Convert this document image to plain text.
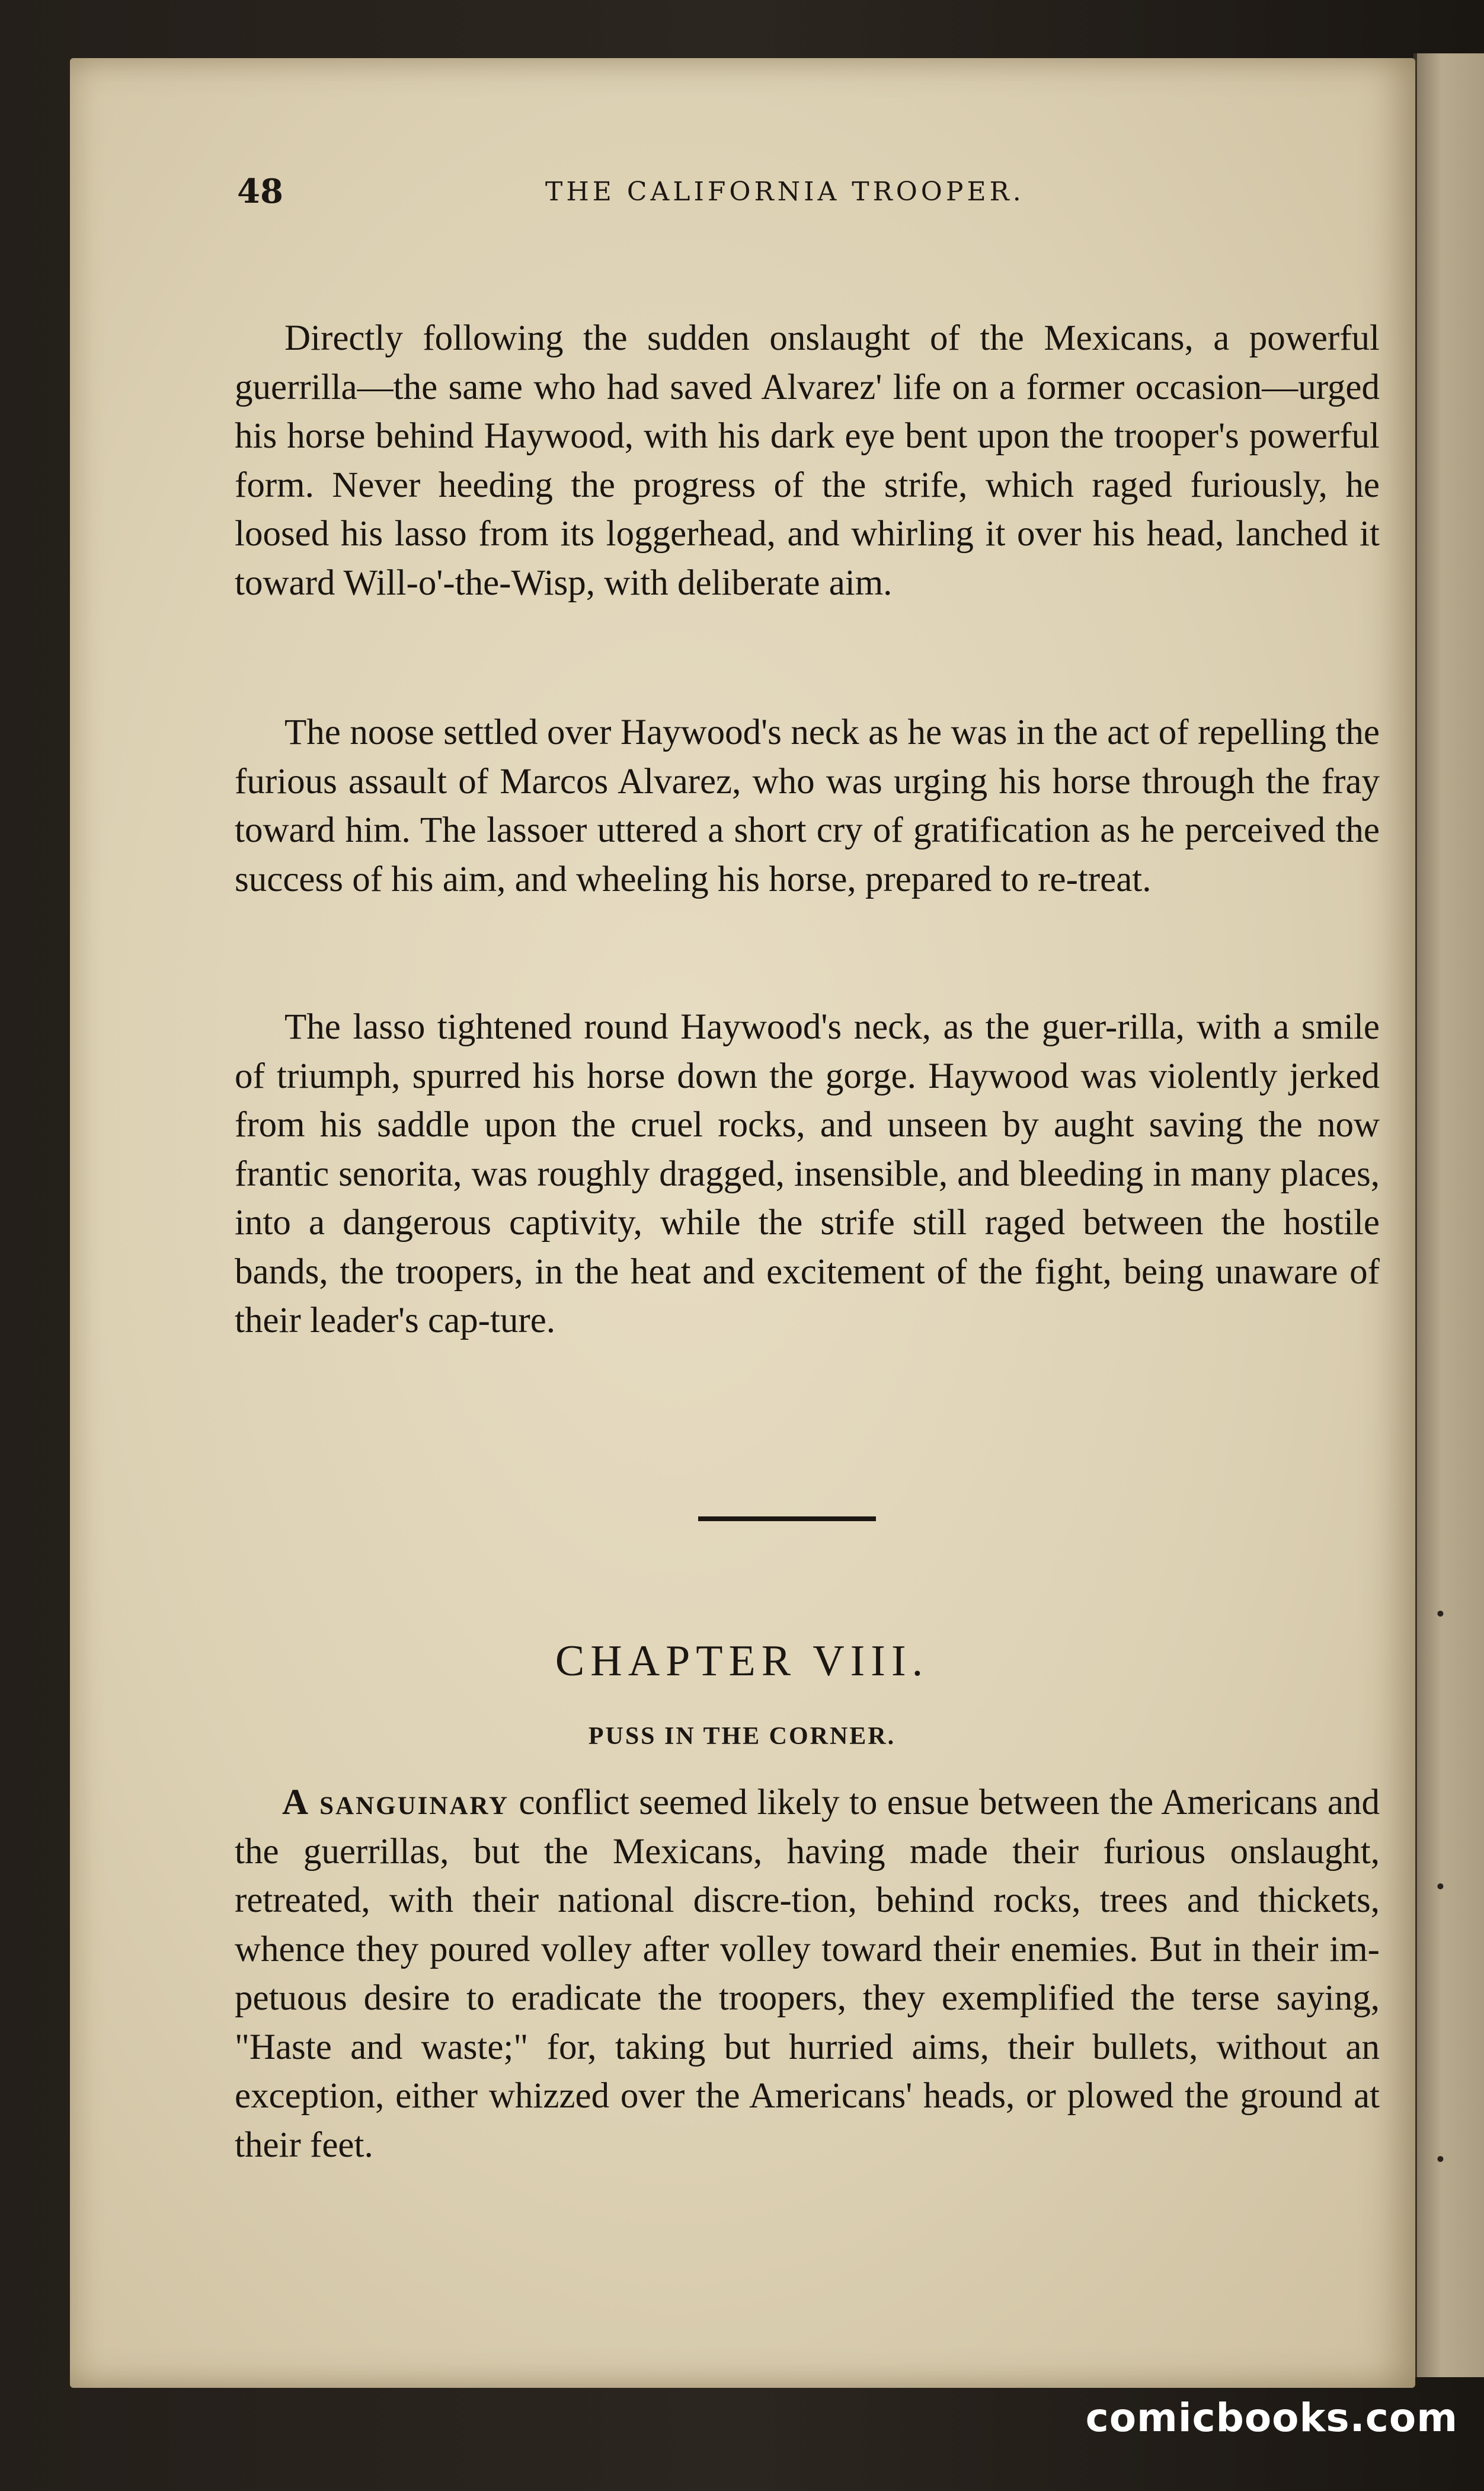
·
·
·
48	THE CALIFORNIA TROOPER.

Directly following the sudden onslaught of the Mexicans, a powerful guerrilla—the same who had saved Alvarez' life on a former occasion—urged his horse behind Haywood, with his dark eye bent upon the trooper's powerful form. Never heeding the progress of the strife, which raged furiously, he loosed his lasso from its loggerhead, and whirling it over his head, lanched it toward Will-o'-the-Wisp, with deliberate aim.

The noose settled over Haywood's neck as he was in the act of repelling the furious assault of Marcos Alvarez, who was urging his horse through the fray toward him. The lassoer uttered a short cry of gratification as he perceived the success of his aim, and wheeling his horse, prepared to re-treat.

The lasso tightened round Haywood's neck, as the guer-rilla, with a smile of triumph, spurred his horse down the gorge. Haywood was violently jerked from his saddle upon the cruel rocks, and unseen by aught saving the now frantic senorita, was roughly dragged, insensible, and bleeding in many places, into a dangerous captivity, while the strife still raged between the hostile bands, the troopers, in the heat and excitement of the fight, being unaware of their leader's cap-ture.

CHAPTER VIII.
PUSS IN THE CORNER.

A sanguinary conflict seemed likely to ensue between the Americans and the guerrillas, but the Mexicans, having made their furious onslaught, retreated, with their national discre-tion, behind rocks, trees and thickets, whence they poured volley after volley toward their enemies. But in their im-petuous desire to eradicate the troopers, they exemplified the terse saying, "Haste and waste;" for, taking but hurried aims, their bullets, without an exception, either whizzed over the Americans' heads, or plowed the ground at their feet.

comicbooks.com
